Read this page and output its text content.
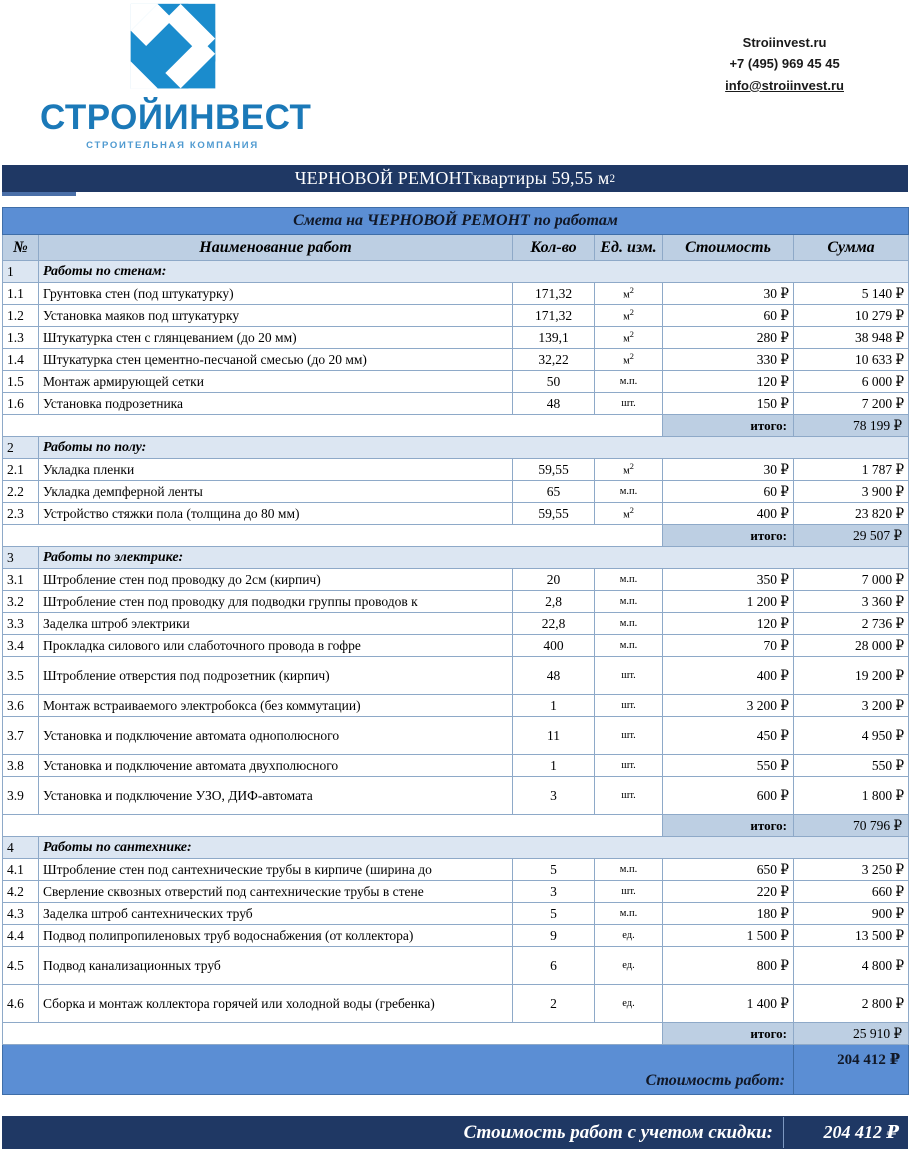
СТРОЙИНВЕСТ
СТРОИТЕЛЬНАЯ КОМПАНИЯ
Stroiinvest.ru
+7 (495) 969 45 45
info@stroiinvest.ru
ЧЕРНОВОЙ РЕМОНТ квартиры 59,55 м 2
Смета на ЧЕРНОВОЙ РЕМОНТ по работам					
№	Наименование работ	Кол-во	Ед. изм.	Стоимость	Сумма
1	Работы по стенам:				
1.1	Грунтовка стен (под штукатурку)	171,32	$м^2$	30 ₽	5 140 ₽
1.2	Установка маяков под штукатурку	171,32	$м^2$	60 ₽	10 279 ₽
1.3	Штукатурка стен с глянцеванием (до 20 мм)	139,1	$м^2$	280 ₽	38 948 ₽
1.4	Штукатурка стен цементно-песчаной смесью (до 20 мм)	32,22	$м^2$	330 ₽	10 633 ₽
1.5	Монтаж армирующей сетки	50	м.п.	120 ₽	6 000 ₽
1.6	Установка подрозетника	48	шт.	150 ₽	7 200 ₽
				итого:	78 199 ₽
2	Работы по полу:				
2.1	Укладка пленки	59,55	$м^2$	30 ₽	1 787 ₽
2.2	Укладка демпферной ленты	65	м.п.	60 ₽	3 900 ₽
2.3	Устройство стяжки пола (толщина до 80 мм)	59,55	$м^2$	400 ₽	23 820 ₽
				итого:	29 507 ₽
3	Работы по электрике:				
3.1	Штробление стен под проводку до 2см (кирпич)	20	м.п.	350 ₽	7 000 ₽
3.2	Штробление стен под проводку для подводки группы проводов к	2,8	м.п.	1 200 ₽	3 360 ₽
3.3	Заделка штроб электрики	22,8	м.п.	120 ₽	2 736 ₽
3.4	Прокладка силового или слаботочного провода в гофре	400	м.п.	70 ₽	28 000 ₽
3.5	Штробление отверстия под подрозетник (кирпич)	48	шт.	400 ₽	19 200 ₽
3.6	Монтаж встраиваемого электробокса (без коммутации)	1	шт.	3 200 ₽	3 200 ₽
3.7	Установка и подключение автомата однополюсного	11	шт.	450 ₽	4 950 ₽
3.8	Установка и подключение автомата двухполюсного	1	шт.	550 ₽	550 ₽
3.9	Установка и подключение УЗО, ДИФ-автомата	3	шт.	600 ₽	1 800 ₽
				итого:	70 796 ₽
4	Работы по сантехнике:				
4.1	Штробление стен под сантехнические трубы в кирпиче (ширина до	5	м.п.	650 ₽	3 250 ₽
4.2	Сверление сквозных отверстий под сантехнические трубы в стене	3	шт.	220 ₽	660 ₽
4.3	Заделка штроб сантехнических труб	5	м.п.	180 ₽	900 ₽
4.4	Подвод полипропиленовых труб водоснабжения (от коллектора)	9	ед.	1 500 ₽	13 500 ₽
4.5	Подвод канализационных труб	6	ед.	800 ₽	4 800 ₽
4.6	Сборка и монтаж коллектора горячей или холодной воды (гребенка)	2	ед.	1 400 ₽	2 800 ₽
				итого:	25 910 ₽
Стоимость работ:					204 412 ₽
Стоимость работ с учетом скидки:	204 412 ₽
